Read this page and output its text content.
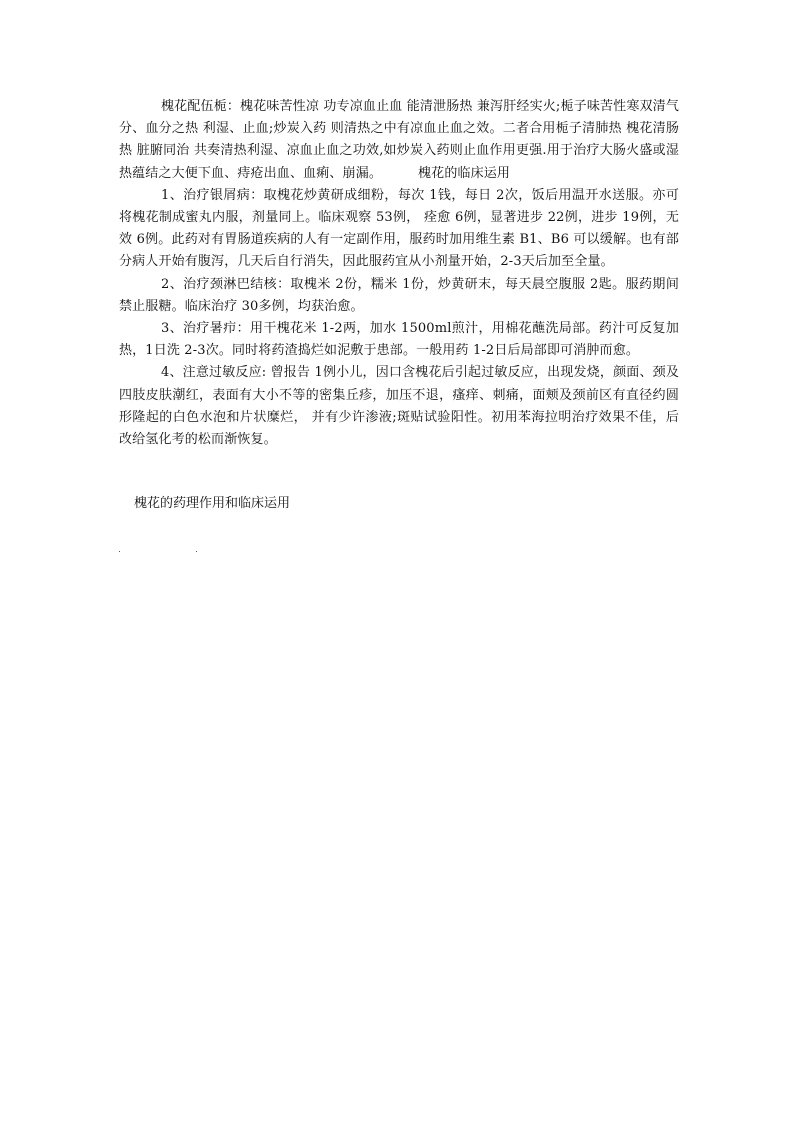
槐花配伍栀：槐花味苦性凉 功专凉血止血 能清泄肠热 兼泻肝经实火;栀子味苦性寒双清气分、血分之热 利湿、止血;炒炭入药 则清热之中有凉血止血之效。二者合用栀子清肺热 槐花清肠热 脏腑同治 共奏清热利湿、凉血止血之功效,如炒炭入药则止血作用更强.用于治疗大肠火盛或湿热蕴结之大便下血、痔疮出血、血痢、崩漏。	槐花的临床运用

1、治疗银屑病：取槐花炒黄研成细粉，每次 1钱，每日 2次，饭后用温开水送服。亦可将槐花制成蜜丸内服，剂量同上。临床观察 53例， 痊愈 6例，显著进步 22例，进步 19例，无效 6例。此药对有胃肠道疾病的人有一定副作用，服药时加用维生素 B1、B6 可以缓解。也有部分病人开始有腹泻，几天后自行消失，因此服药宜从小剂量开始，2-3天后加至全量。

2、治疗颈淋巴结核：取槐米 2份，糯米 1份，炒黄研末，每天晨空腹服 2匙。服药期间禁止服糖。临床治疗 30多例，均获治愈。

3、治疗暑疖：用干槐花米 1-2两，加水 1500ml煎汁，用棉花蘸洗局部。药汁可反复加热，1日洗 2-3次。同时将药渣捣烂如泥敷于患部。一般用药 1-2日后局部即可消肿而愈。

4、注意过敏反应: 曾报告 1例小儿，因口含槐花后引起过敏反应，出现发烧，颜面、颈及四肢皮肤潮红，表面有大小不等的密集丘疹，加压不退，瘙痒、刺痛，面颊及颈前区有直径约圆形隆起的白色水泡和片状糜烂， 并有少许渗液;斑贴试验阳性。初用苯海拉明治疗效果不佳，后改给氢化考的松而渐恢复。

槐花的药理作用和临床运用
